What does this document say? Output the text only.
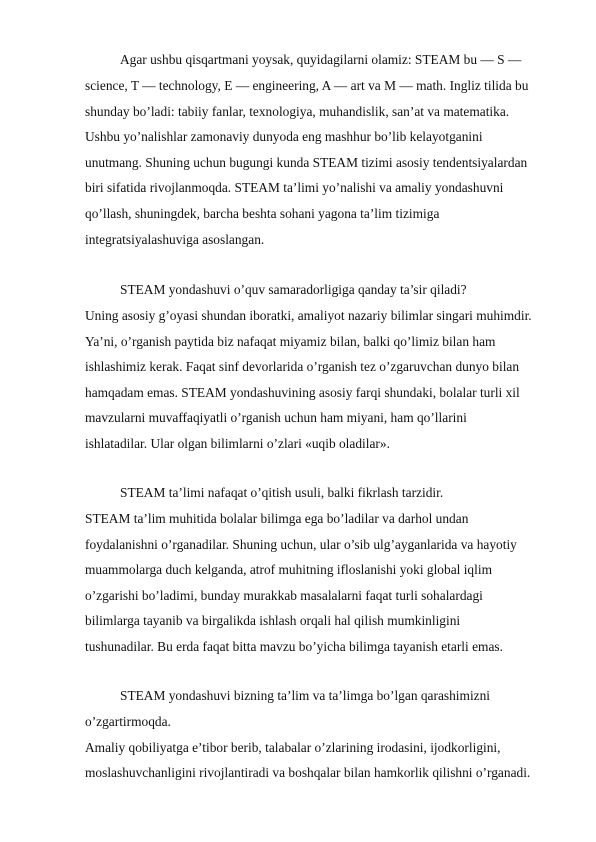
Agar ushbu qisqartmani yoysak, quyidagilarni olamiz: STEAM bu — S —

science, T — technology, E — engineering, A — art va M — math. Ingliz tilida bu

shunday bo’ladi: tabiiy fanlar, texnologiya, muhandislik, san’at va matematika.

Ushbu yo’nalishlar zamonaviy dunyoda eng mashhur bo’lib kelayotganini

unutmang. Shuning uchun bugungi kunda STEAM tizimi asosiy tendentsiyalardan

biri sifatida rivojlanmoqda. STEAM ta’limi yo’nalishi va amaliy yondashuvni

qo’llash, shuningdek, barcha beshta sohani yagona ta’lim tizimiga

integratsiyalashuviga asoslangan.

STEAM yondashuvi o’quv samaradorligiga qanday ta’sir qiladi?

Uning asosiy g’oyasi shundan iboratki, amaliyot nazariy bilimlar singari muhimdir.

Ya’ni, o’rganish paytida biz nafaqat miyamiz bilan, balki qo’limiz bilan ham

ishlashimiz kerak. Faqat sinf devorlarida o’rganish tez o’zgaruvchan dunyo bilan

hamqadam emas. STEAM yondashuvining asosiy farqi shundaki, bolalar turli xil

mavzularni muvaffaqiyatli o’rganish uchun ham miyani, ham qo’llarini

ishlatadilar. Ular olgan bilimlarni o’zlari «uqib oladilar».

STEAM ta’limi nafaqat o’qitish usuli, balki fikrlash tarzidir.

STEAM ta’lim muhitida bolalar bilimga ega bo’ladilar va darhol undan

foydalanishni o’rganadilar. Shuning uchun, ular o’sib ulg’ayganlarida va hayotiy

muammolarga duch kelganda, atrof muhitning ifloslanishi yoki global iqlim

o’zgarishi bo’ladimi, bunday murakkab masalalarni faqat turli sohalardagi

bilimlarga tayanib va birgalikda ishlash orqali hal qilish mumkinligini

tushunadilar. Bu erda faqat bitta mavzu bo’yicha bilimga tayanish etarli emas.

STEAM yondashuvi bizning ta’lim va ta’limga bo’lgan qarashimizni

o’zgartirmoqda.

Amaliy qobiliyatga e’tibor berib, talabalar o’zlarining irodasini, ijodkorligini,

moslashuvchanligini rivojlantiradi va boshqalar bilan hamkorlik qilishni o’rganadi.
